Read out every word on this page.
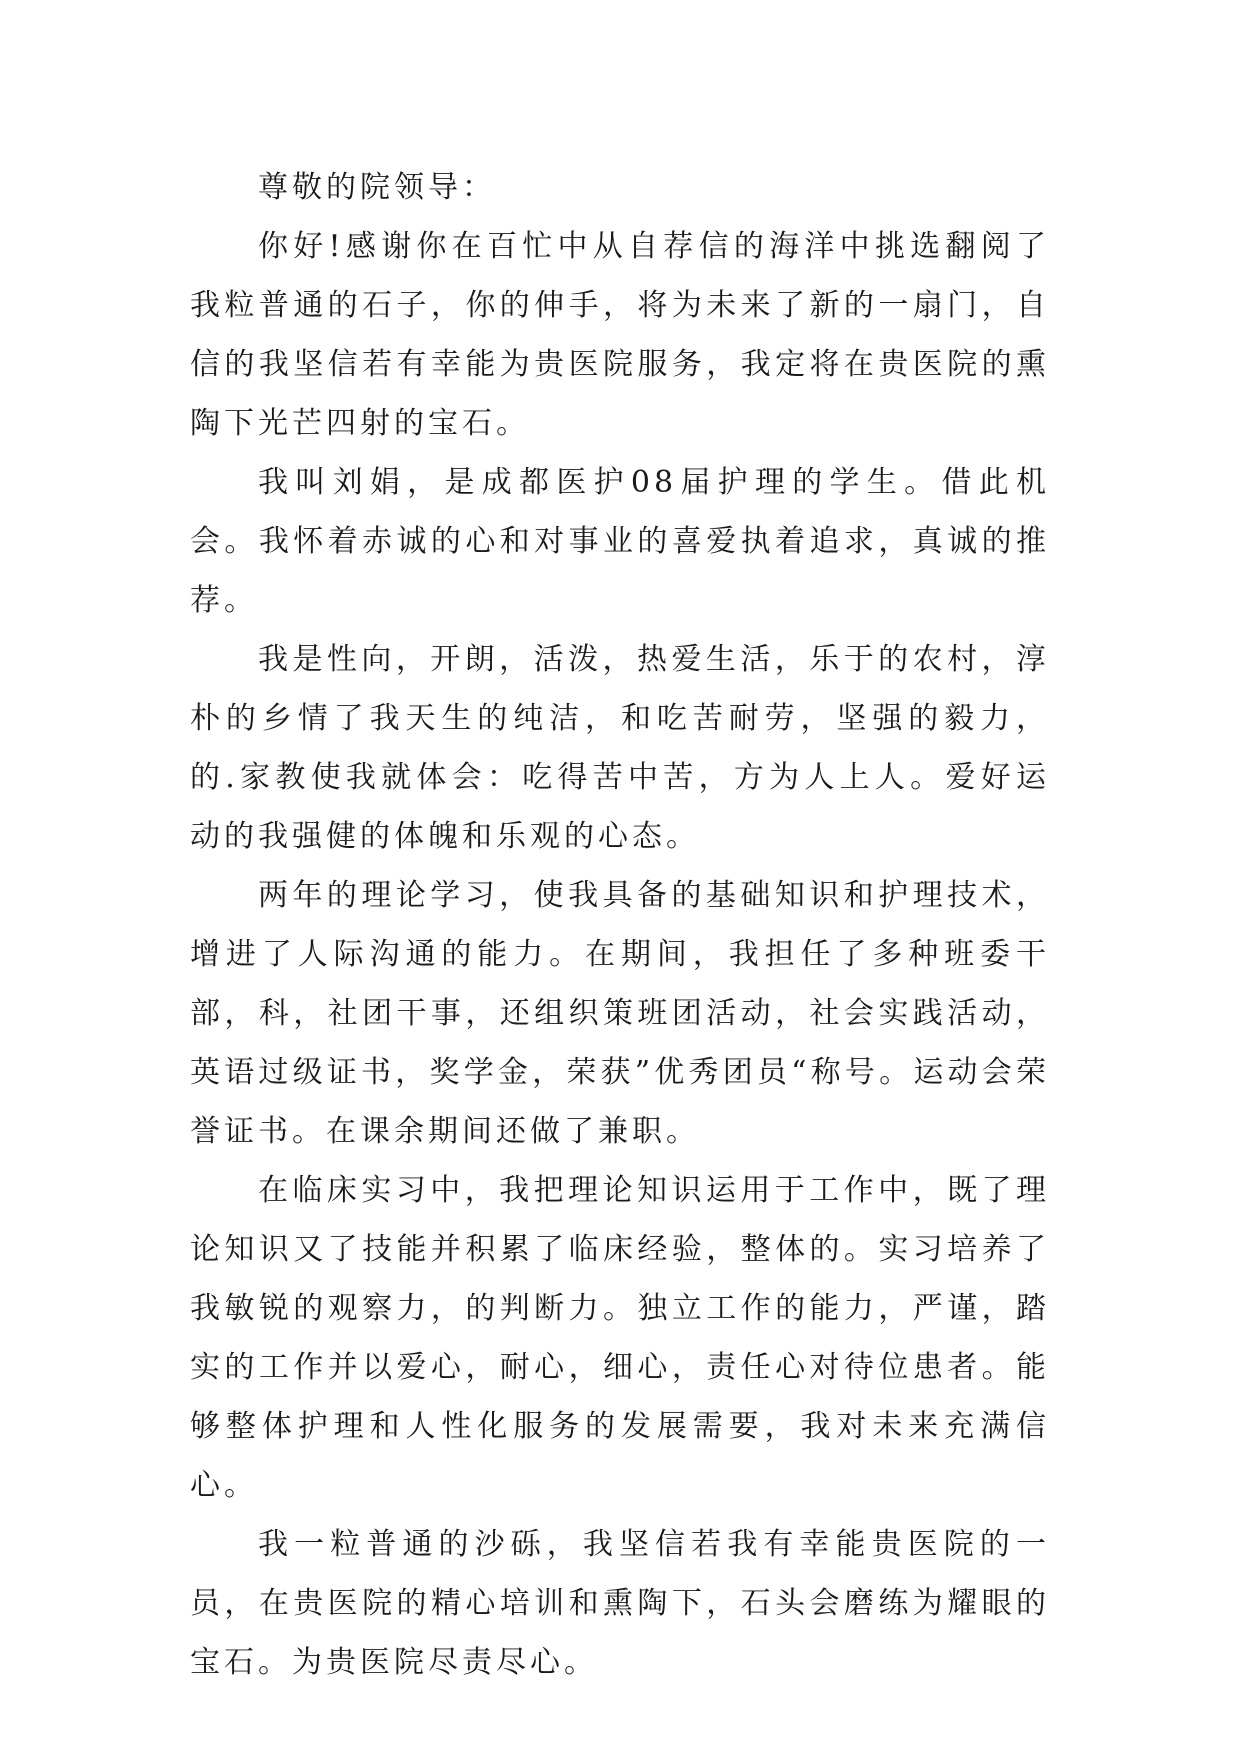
尊敬的院领导：

你好!感谢你在百忙中从自荐信的海洋中挑选翻阅了我粒普通的石子，你的伸手，将为未来了新的一扇门，自信的我坚信若有幸能为贵医院服务，我定将在贵医院的熏陶下光芒四射的宝石。

我叫刘娟，是成都医护08届护理的学生。借此机会。我怀着赤诚的心和对事业的喜爱执着追求，真诚的推荐。

我是性向，开朗，活泼，热爱生活，乐于的农村，淳朴的乡情了我天生的纯洁，和吃苦耐劳，坚强的毅力，的.家教使我就体会：吃得苦中苦，方为人上人。爱好运动的我强健的体魄和乐观的心态。

两年的理论学习，使我具备的基础知识和护理技术，增进了人际沟通的能力。在期间，我担任了多种班委干部，科，社团干事，还组织策班团活动，社会实践活动，英语过级证书，奖学金，荣获”优秀团员“称号。运动会荣誉证书。在课余期间还做了兼职。

在临床实习中，我把理论知识运用于工作中，既了理论知识又了技能并积累了临床经验，整体的。实习培养了我敏锐的观察力，的判断力。独立工作的能力，严谨，踏实的工作并以爱心，耐心，细心，责任心对待位患者。能够整体护理和人性化服务的发展需要，我对未来充满信心。

我一粒普通的沙砾，我坚信若我有幸能贵医院的一员，在贵医院的精心培训和熏陶下，石头会磨练为耀眼的宝石。为贵医院尽责尽心。
